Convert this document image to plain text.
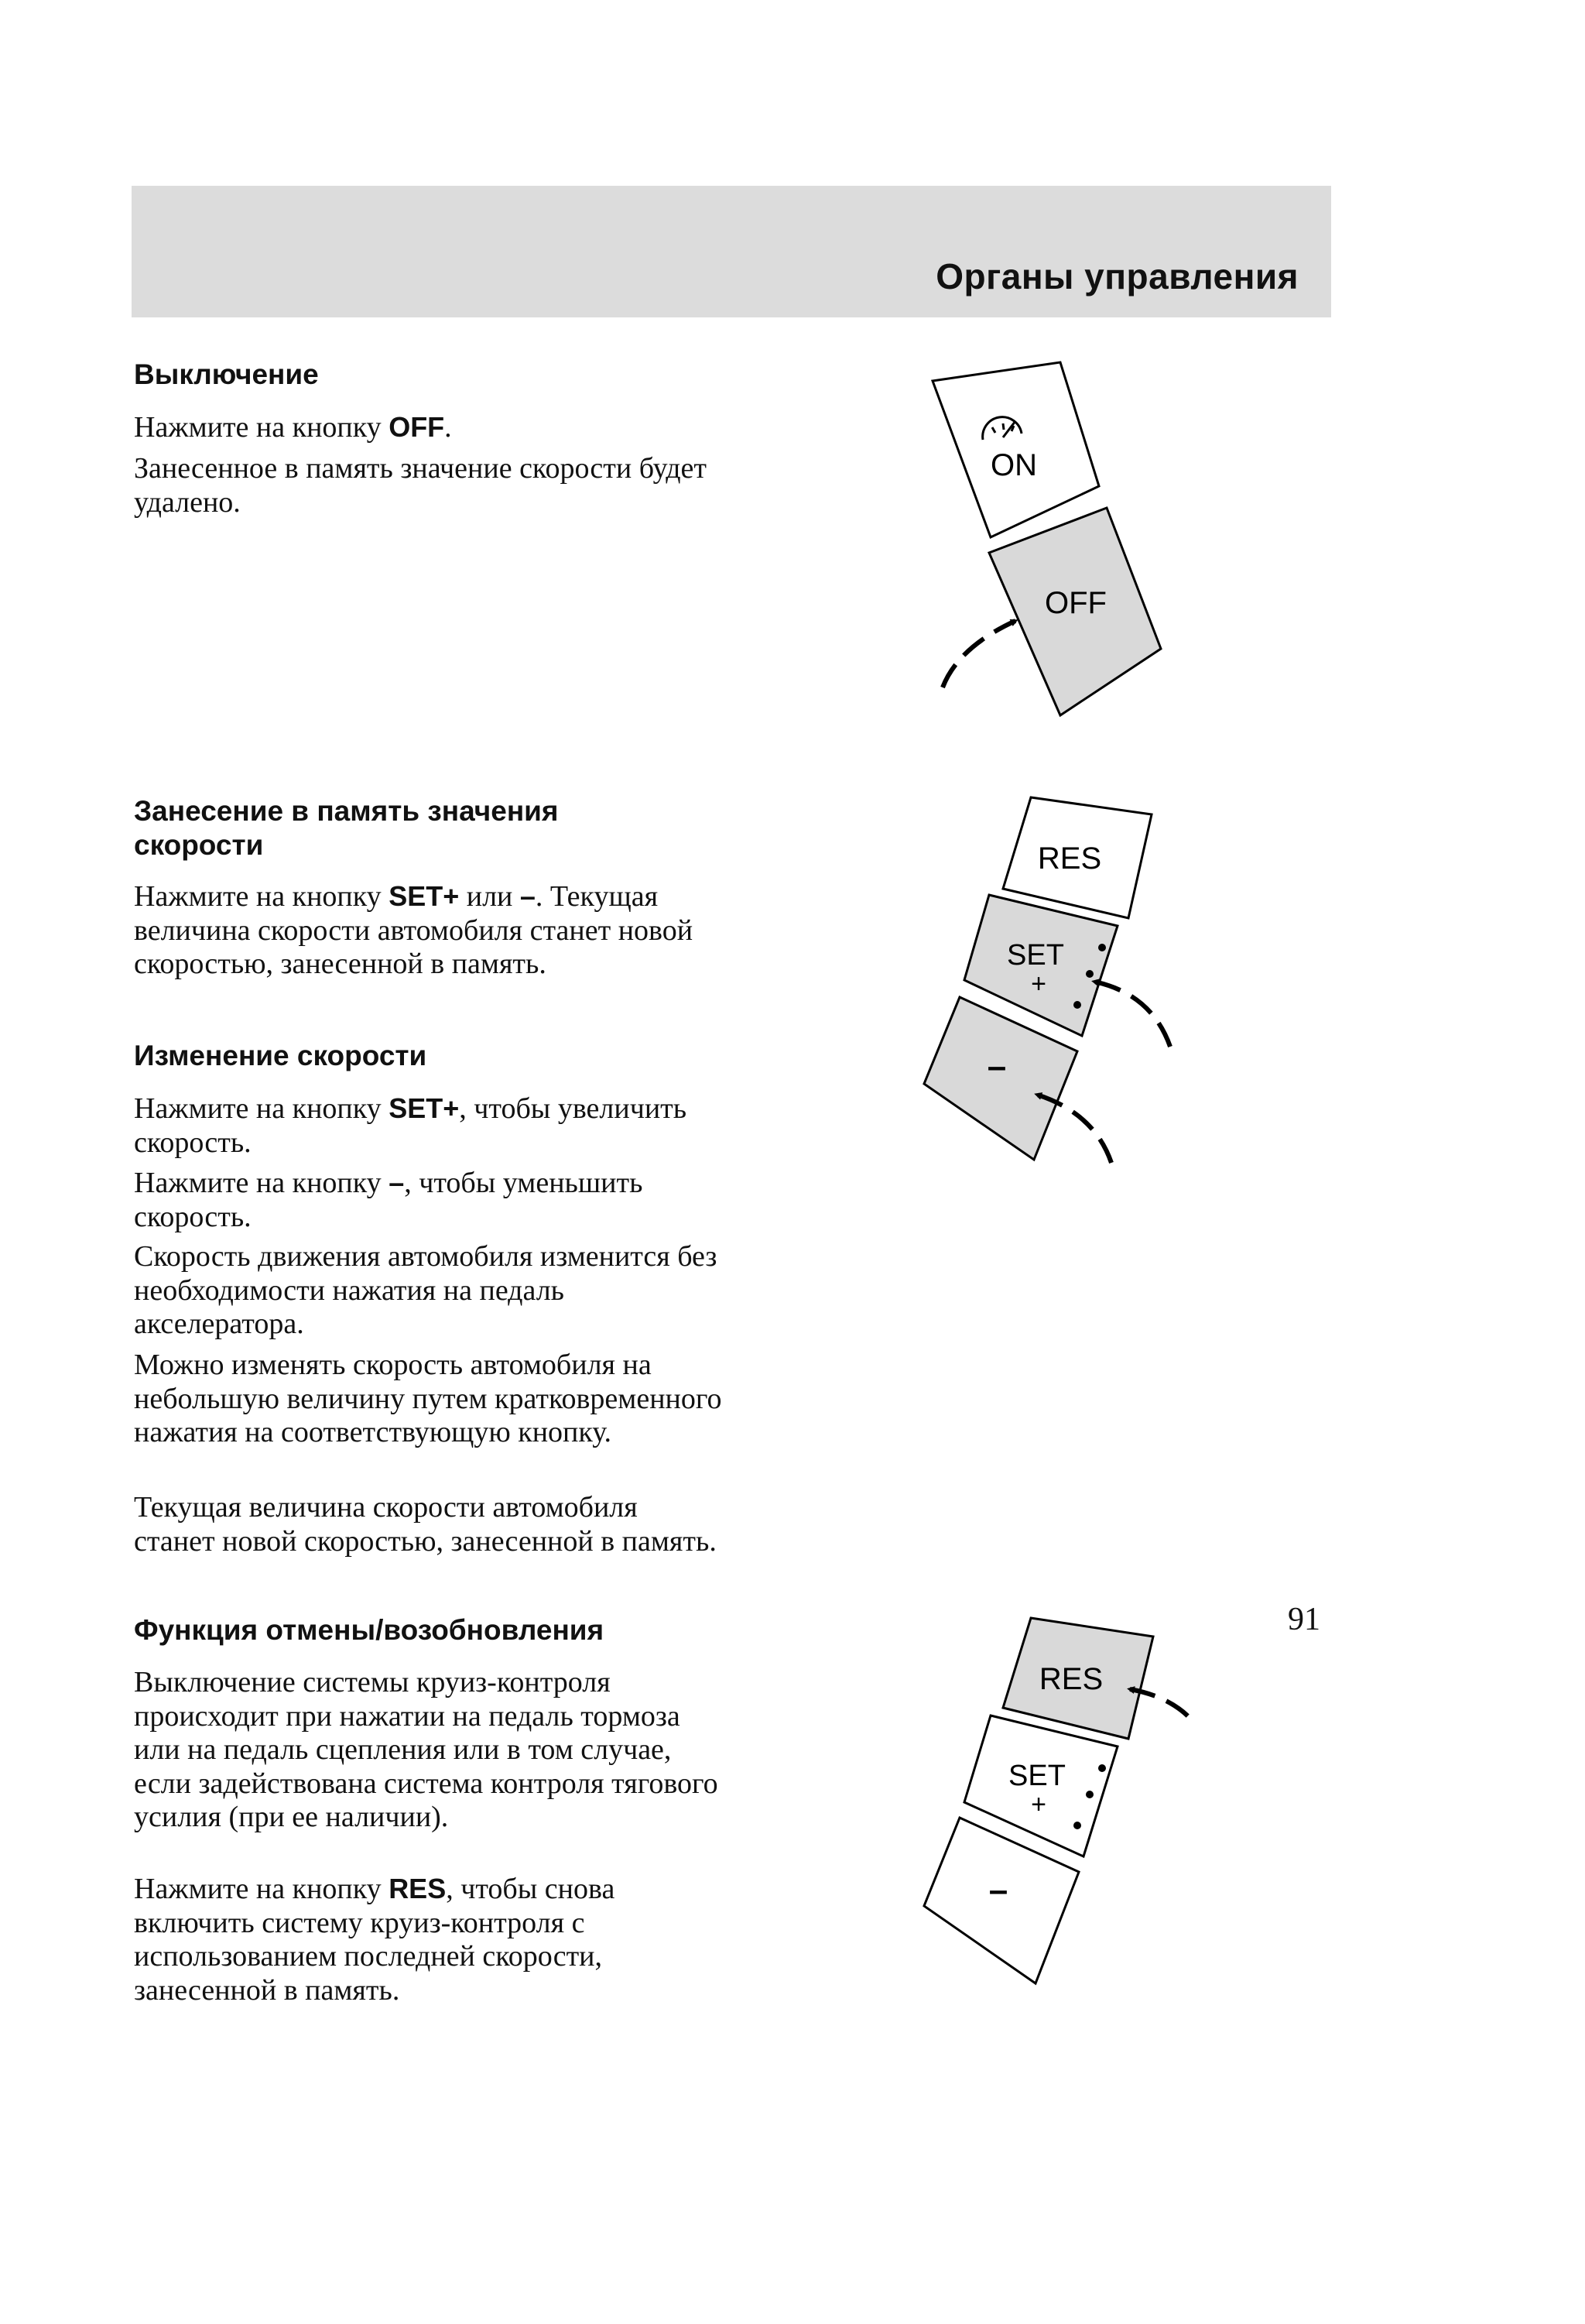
Органы управления
Выключение
Нажмите на кнопку OFF.
Занесенное в память значение скорости будет удалено.
Занесение в память значения
скорости
Нажмите на кнопку SET+ или –. Текущая величина скорости автомобиля станет новой скоростью, занесенной в память.
Изменение скорости
Нажмите на кнопку SET+, чтобы увеличить скорость.
Нажмите на кнопку –, чтобы уменьшить скорость.
Скорость движения автомобиля изменится без необходимости нажатия на педаль акселератора.
Можно изменять скорость автомобиля на небольшую величину путем кратковременного нажатия на соответствующую кнопку.
Текущая величина скорости автомобиля станет новой скоростью, занесенной в память.
Функция отмены/возобновления
Выключение системы круиз-контроля происходит при нажатии на педаль тормоза или на педаль сцепления или в том случае, если задействована система контроля тягового усилия (при ее наличии).
Нажмите на кнопку RES, чтобы снова включить систему круиз-контроля с использованием последней скорости, занесенной в память.
ON
OFF
RES
SET
+
–
RES
SET
+
–
91
